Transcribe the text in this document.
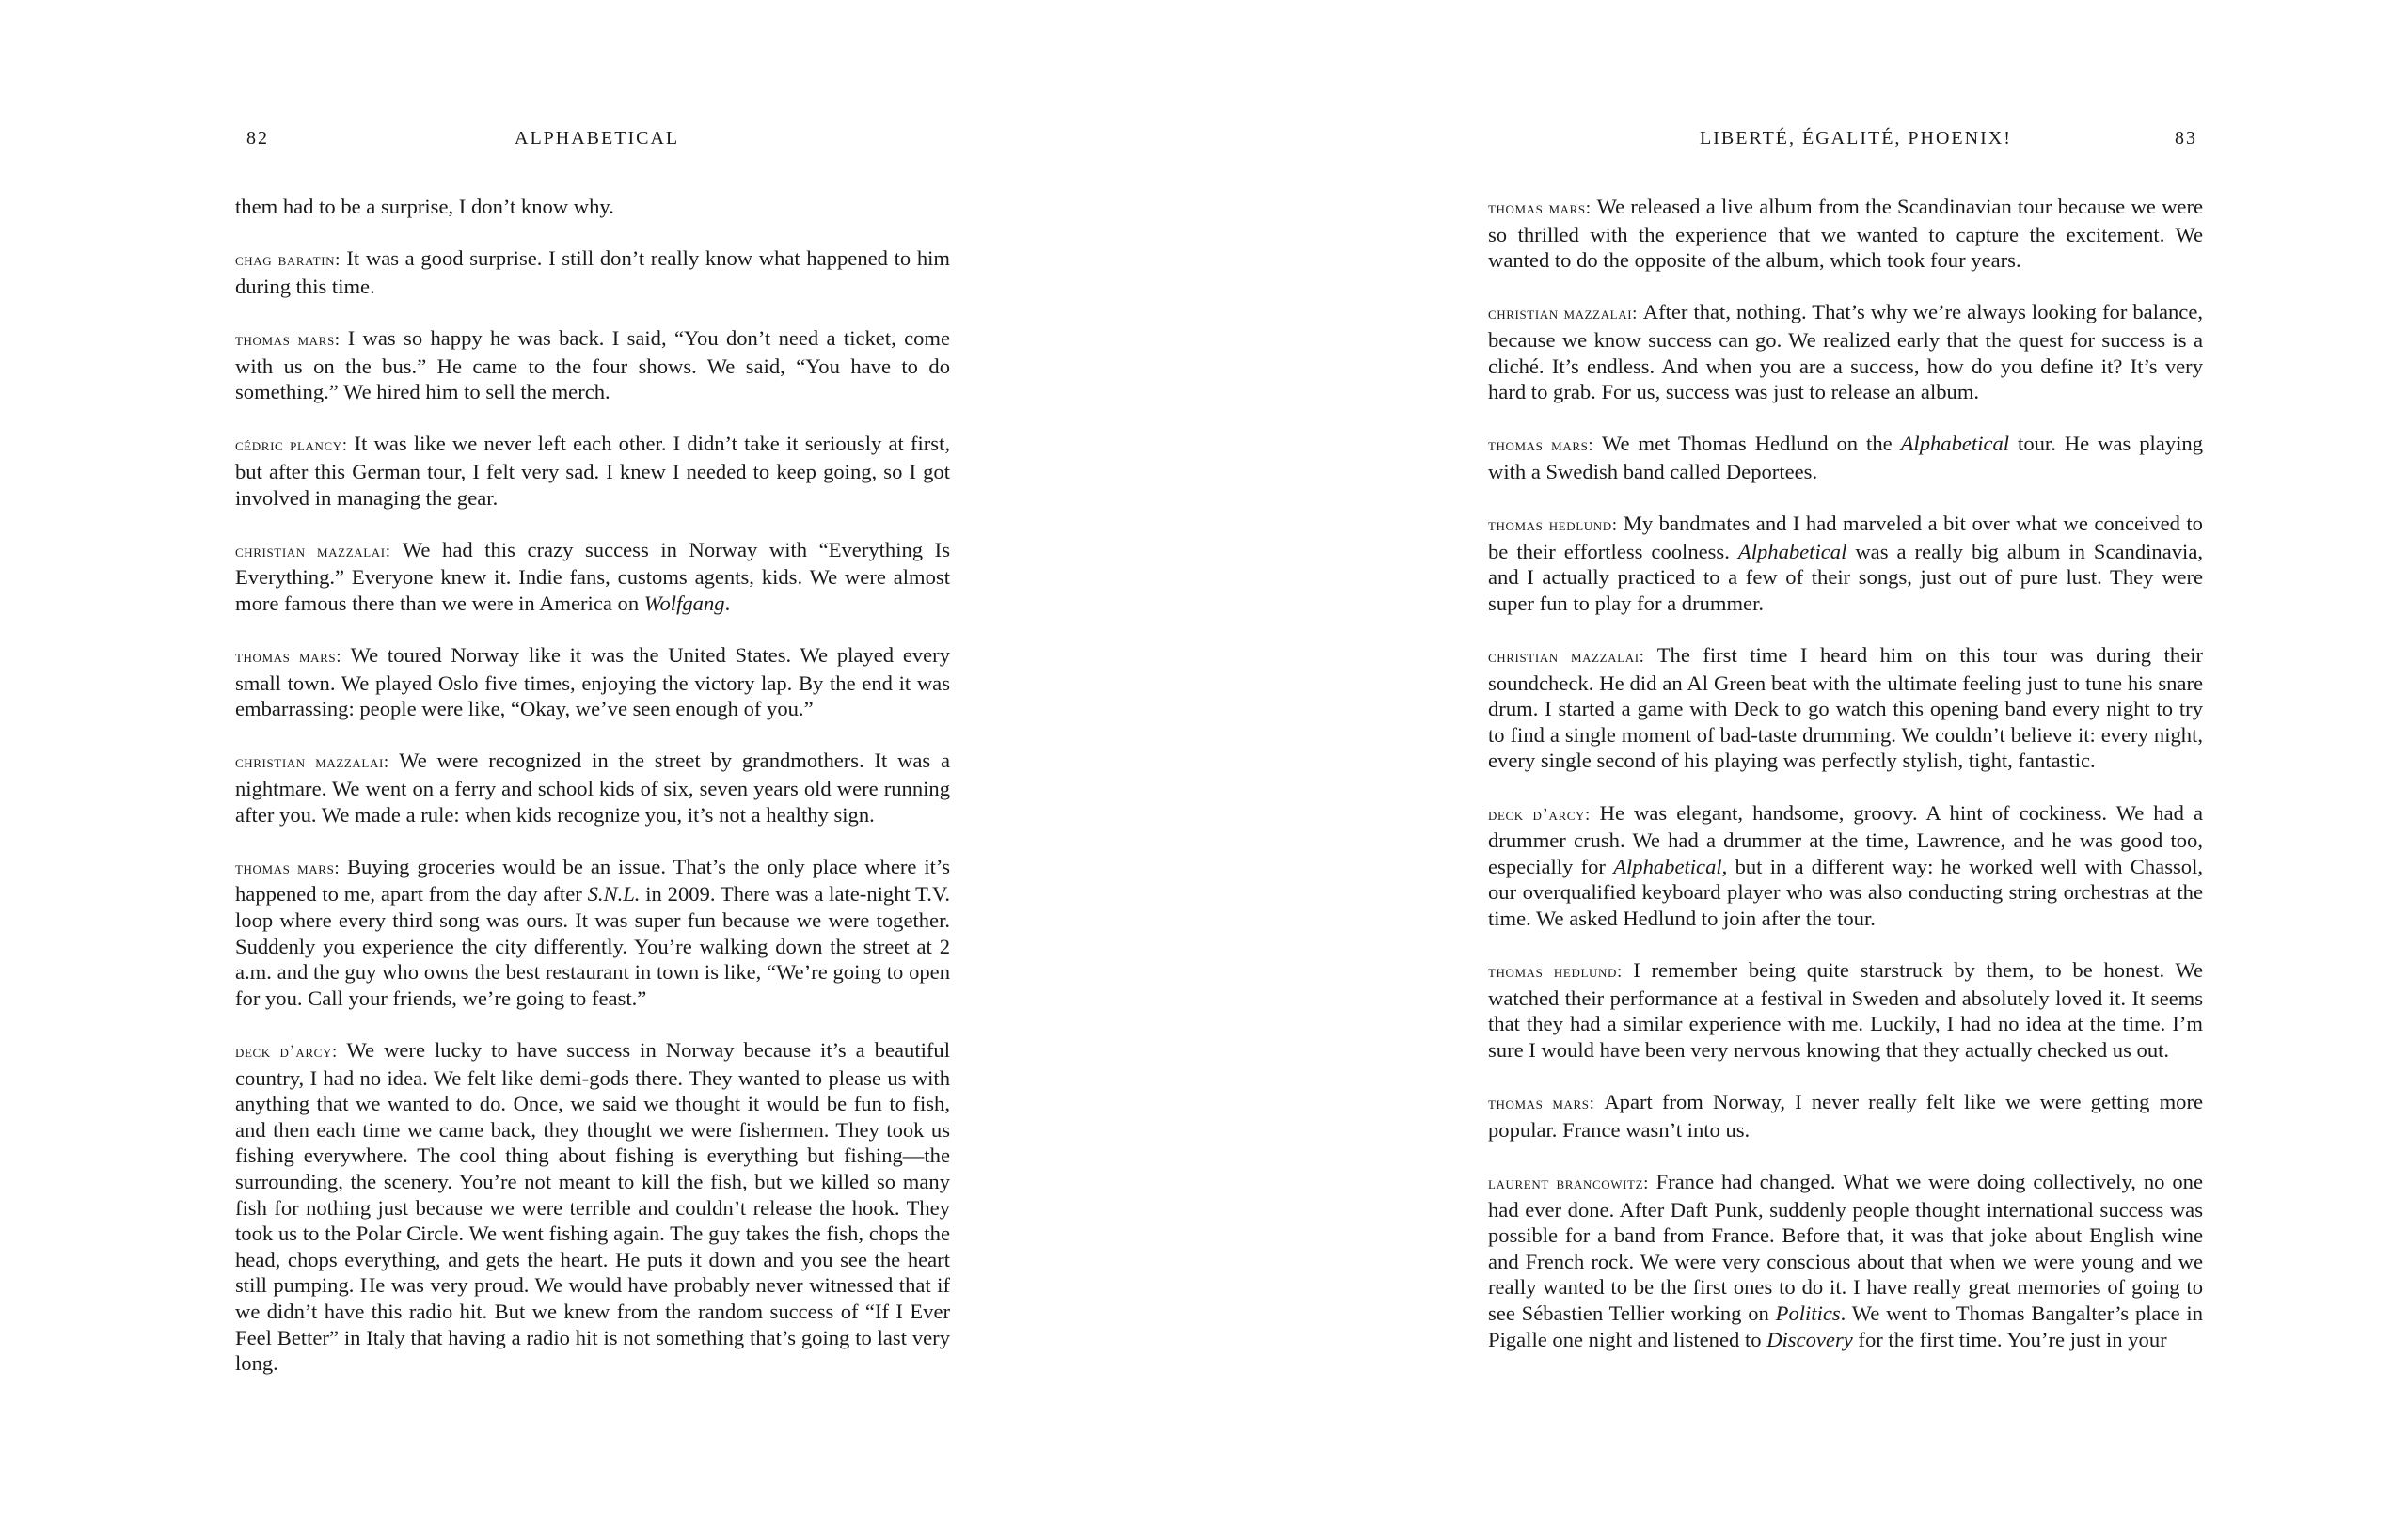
82	ALPHABETICAL

them had to be a surprise, I don’t know why.

chag baratin : It was a good surprise. I still don’t really know what happened to him during this time.

thomas mars : I was so happy he was back. I said, “You don’t need a ticket, come with us on the bus.” He came to the four shows. We said, “You have to do something.” We hired him to sell the merch.

cédric plancy : It was like we never left each other. I didn’t take it seriously at first, but after this German tour, I felt very sad. I knew I needed to keep going, so I got involved in managing the gear.

christian mazzalai : We had this crazy success in Norway with “Everything Is Everything.” Everyone knew it. Indie fans, customs agents, kids. We were almost more famous there than we were in America on Wolfgang.

thomas mars : We toured Norway like it was the United States. We played every small town. We played Oslo five times, enjoying the victory lap. By the end it was embarrassing: people were like, “Okay, we’ve seen enough of you.”

christian mazzalai : We were recognized in the street by grandmothers. It was a nightmare. We went on a ferry and school kids of six, seven years old were running after you. We made a rule: when kids recognize you, it’s not a healthy sign.

thomas mars : Buying groceries would be an issue. That’s the only place where it’s happened to me, apart from the day after S.N.L. in 2009. There was a late-night T.V. loop where every third song was ours. It was super fun because we were together. Suddenly you experience the city differently. You’re walking down the street at 2 a.m. and the guy who owns the best restaurant in town is like, “We’re going to open for you. Call your friends, we’re going to feast.”

deck d’arcy : We were lucky to have success in Norway because it’s a beautiful country, I had no idea. We felt like demi-gods there. They wanted to please us with anything that we wanted to do. Once, we said we thought it would be fun to fish, and then each time we came back, they thought we were fishermen. They took us fishing everywhere. The cool thing about fishing is everything but fishing—the surrounding, the scenery. You’re not meant to kill the fish, but we killed so many fish for nothing just because we were terrible and couldn’t release the hook. They took us to the Polar Circle. We went fishing again. The guy takes the fish, chops the head, chops everything, and gets the heart. He puts it down and you see the heart still pumping. He was very proud. We would have probably never witnessed that if we didn’t have this radio hit. But we knew from the random success of “If I Ever Feel Better” in Italy that having a radio hit is not something that’s going to last very long.

LIBERTÉ, ÉGALITÉ, PHOENIX!	83

thomas mars : We released a live album from the Scandinavian tour because we were so thrilled with the experience that we wanted to capture the excitement. We wanted to do the opposite of the album, which took four years.

christian mazzalai : After that, nothing. That’s why we’re always looking for balance, because we know success can go. We realized early that the quest for success is a cliché. It’s endless. And when you are a success, how do you define it? It’s very hard to grab. For us, success was just to release an album.

thomas mars : We met Thomas Hedlund on the Alphabetical tour. He was playing with a Swedish band called Deportees.

thomas hedlund : My bandmates and I had marveled a bit over what we conceived to be their effortless coolness. Alphabetical was a really big album in Scandinavia, and I actually practiced to a few of their songs, just out of pure lust. They were super fun to play for a drummer.

christian mazzalai : The first time I heard him on this tour was during their soundcheck. He did an Al Green beat with the ultimate feeling just to tune his snare drum. I started a game with Deck to go watch this opening band every night to try to find a single moment of bad-taste drumming. We couldn’t believe it: every night, every single second of his playing was perfectly stylish, tight, fantastic.

deck d’arcy : He was elegant, handsome, groovy. A hint of cockiness. We had a drummer crush. We had a drummer at the time, Lawrence, and he was good too, especially for Alphabetical, but in a different way: he worked well with Chassol, our overqualified keyboard player who was also conducting string orchestras at the time. We asked Hedlund to join after the tour.

thomas hedlund : I remember being quite starstruck by them, to be honest. We watched their performance at a festival in Sweden and absolutely loved it. It seems that they had a similar experience with me. Luckily, I had no idea at the time. I’m sure I would have been very nervous knowing that they actually checked us out.

thomas mars : Apart from Norway, I never really felt like we were getting more popular. France wasn’t into us.

laurent brancowitz : France had changed. What we were doing collectively, no one had ever done. After Daft Punk, suddenly people thought international success was possible for a band from France. Before that, it was that joke about English wine and French rock. We were very conscious about that when we were young and we really wanted to be the first ones to do it. I have really great memories of going to see Sébastien Tellier working on Politics. We went to Thomas Bangalter’s place in Pigalle one night and listened to Discovery for the first time. You’re just in your
